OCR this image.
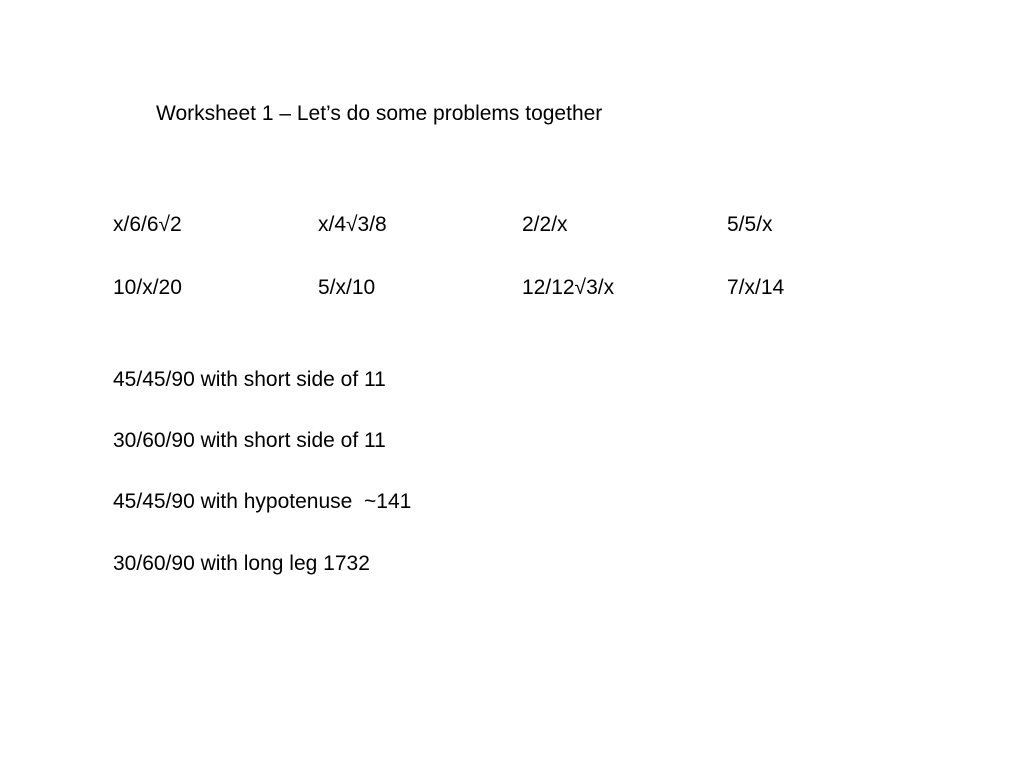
Worksheet 1 – Let’s do some problems together
x/6/6√2	x/4√3/8	2/2/x	5/5/x
10/x/20	5/x/10	12/12√3/x	7/x/14
45/45/90 with short side of 11
30/60/90 with short side of 11
45/45/90 with hypotenuse  ~141
30/60/90 with long leg 1732
